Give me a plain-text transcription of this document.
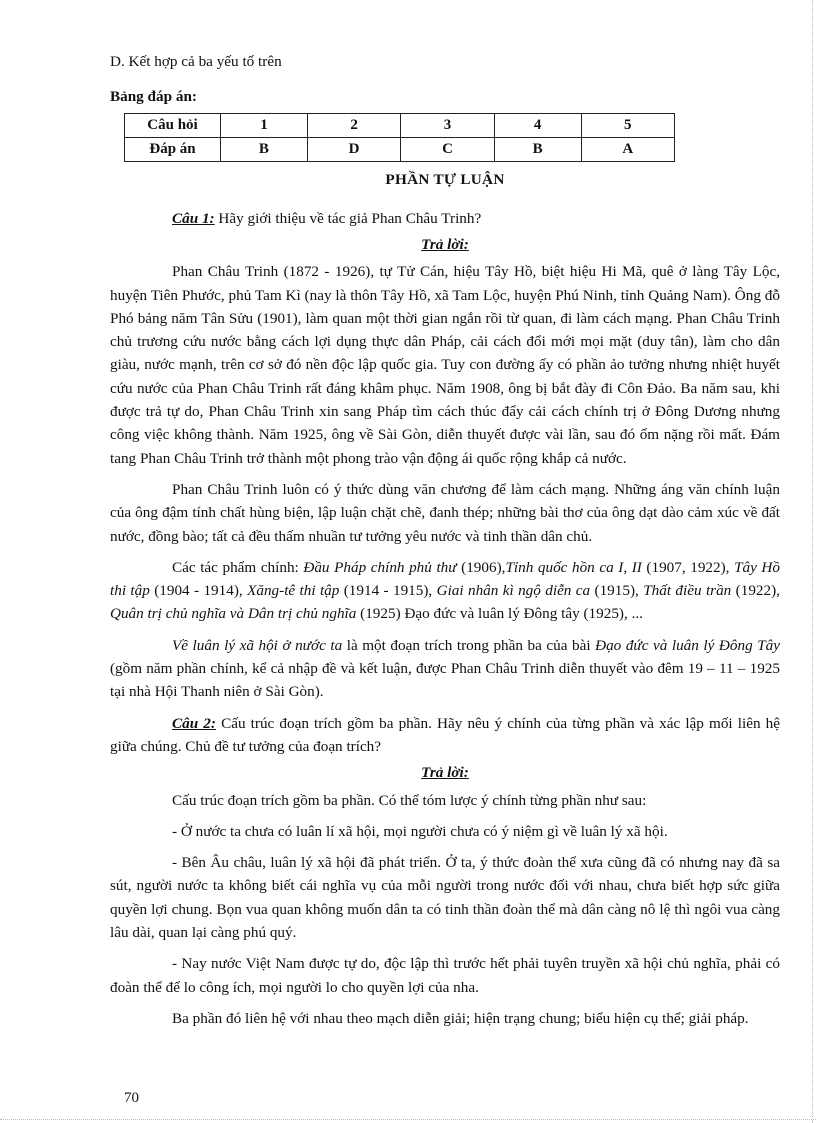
D. Kết hợp cả ba yếu tố trên

Bảng đáp án:

Câu hỏi	1	2	3	4	5
Đáp án	B	D	C	B	A

PHẦN TỰ LUẬN

Câu 1: Hãy giới thiệu về tác giả Phan Châu Trinh?

Trả lời:

Phan Châu Trinh (1872 - 1926), tự Tử Cán, hiệu Tây Hồ, biệt hiệu Hi Mã, quê ở làng Tây Lộc, huyện Tiên Phước, phủ Tam Kì (nay là thôn Tây Hồ, xã Tam Lộc, huyện Phú Ninh, tỉnh Quảng Nam). Ông đỗ Phó bảng năm Tân Sửu (1901), làm quan một thời gian ngắn rồi từ quan, đi làm cách mạng. Phan Châu Trinh chủ trương cứu nước bằng cách lợi dụng thực dân Pháp, cải cách đổi mới mọi mặt (duy tân), làm cho dân giàu, nước mạnh, trên cơ sở đó nền độc lập quốc gia. Tuy con đường ấy có phần ảo tưởng nhưng nhiệt huyết cứu nước của Phan Châu Trinh rất đáng khâm phục. Năm 1908, ông bị bắt đày đi Côn Đảo. Ba năm sau, khi được trả tự do, Phan Châu Trinh xin sang Pháp tìm cách thúc đẩy cải cách chính trị ở Đông Dương nhưng công việc không thành. Năm 1925, ông về Sài Gòn, diễn thuyết được vài lần, sau đó ốm nặng rồi mất. Đám tang Phan Châu Trinh trở thành một phong trào vận động ái quốc rộng khắp cả nước.

Phan Châu Trinh luôn có ý thức dùng văn chương để làm cách mạng. Những áng văn chính luận của ông đậm tính chất hùng biện, lập luận chặt chẽ, đanh thép; những bài thơ của ông dạt dào cảm xúc về đất nước, đồng bào; tất cả đều thấm nhuần tư tưởng yêu nước và tinh thần dân chủ.

Các tác phẩm chính: Đầu Pháp chính phủ thư (1906),Tỉnh quốc hồn ca I, II (1907, 1922), Tây Hồ thi tập (1904 - 1914), Xăng-tê thi tập (1914 - 1915), Giai nhân kì ngộ diễn ca (1915), Thất điều trần (1922), Quân trị chủ nghĩa và Dân trị chủ nghĩa (1925) Đạo đức và luân lý Đông tây (1925), ...

Về luân lý xã hội ở nước ta là một đoạn trích trong phần ba của bài Đạo đức và luân lý Đông Tây (gồm năm phần chính, kể cả nhập đề và kết luận, được Phan Châu Trinh diễn thuyết vào đêm 19 – 11 – 1925 tại nhà Hội Thanh niên ở Sài Gòn).

Câu 2: Cấu trúc đoạn trích gồm ba phần. Hãy nêu ý chính của từng phần và xác lập mối liên hệ giữa chúng. Chủ đề tư tưởng của đoạn trích?

Trả lời:

Cấu trúc đoạn trích gồm ba phần. Có thể tóm lược ý chính từng phần như sau:

- Ở nước ta chưa có luân lí xã hội, mọi người chưa có ý niệm gì về luân lý xã hội.

- Bên Âu châu, luân lý xã hội đã phát triển. Ở ta, ý thức đoàn thể xưa cũng đã có nhưng nay đã sa sút, người nước ta không biết cái nghĩa vụ của mỗi người trong nước đối với nhau, chưa biết hợp sức giữa quyền lợi chung. Bọn vua quan không muốn dân ta có tinh thần đoàn thể mà dân càng nô lệ thì ngôi vua càng lâu dài, quan lại càng phú quý.

- Nay nước Việt Nam được tự do, độc lập thì trước hết phải tuyên truyền xã hội chủ nghĩa, phải có đoàn thể để lo công ích, mọi người lo cho quyền lợi của nha.

Ba phần đó liên hệ với nhau theo mạch diễn giải; hiện trạng chung; biểu hiện cụ thể; giải pháp.

70
